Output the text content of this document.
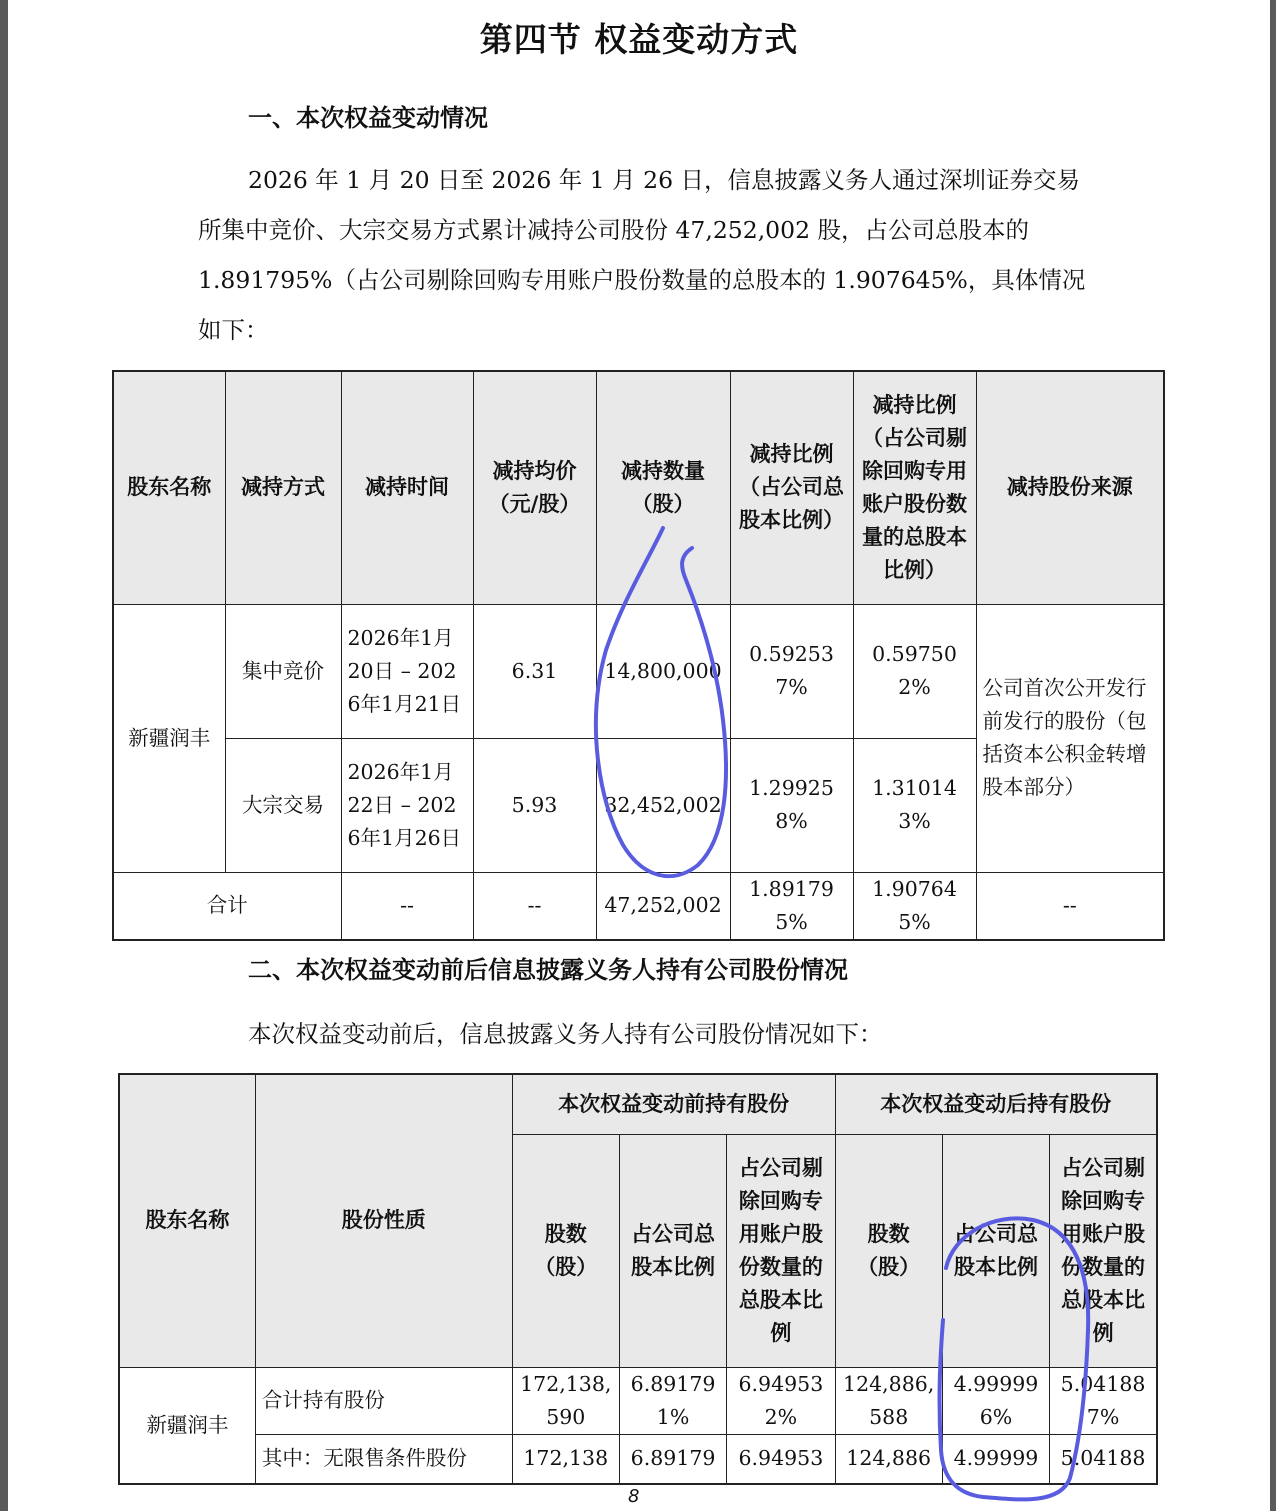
第四节 权益变动方式
一、本次权益变动情况
2026 年 1 月 20 日至 2026 年 1 月 26 日，信息披露义务人通过深圳证券交易所集中竞价、大宗交易方式累计减持公司股份 47,252,002 股，占公司总股本的 1.891795%（占公司剔除回购专用账户股份数量的总股本的 1.907645%，具体情况如下：
股东名称	减持方式	减持时间	减持均价（元/股）	减持数量（股）	减持比例（占公司总股本比例）	减持比例（占公司剔除回购专用账户股份数量的总股本比例）	减持股份来源
新疆润丰	集中竞价	2026年1月20日 – 2026年1月21日	6.31	14,800,000	0.592537%	0.597502%	公司首次公开发行前发行的股份（包括资本公积金转增股本部分）
	大宗交易	2026年1月22日 – 2026年1月26日	5.93	32,452,002	1.299258%	1.310143%	
合计		--	--	47,252,002	1.891795%	1.907645%	--
二、本次权益变动前后信息披露义务人持有公司股份情况
本次权益变动前后，信息披露义务人持有公司股份情况如下：
股东名称	股份性质	本次权益变动前持有股份			本次权益变动后持有股份		
		股数（股）	占公司总股本比例	占公司剔除回购专用账户股份数量的总股本比例	股数（股）	占公司总股本比例	占公司剔除回购专用账户股份数量的总股本比例
新疆润丰	合计持有股份	172,138,590	6.891791%	6.949532%	124,886,588	4.999996%	5.041887%
	其中：无限售条件股份	172,138	6.89179	6.94953	124,886	4.99999	5.04188
8
